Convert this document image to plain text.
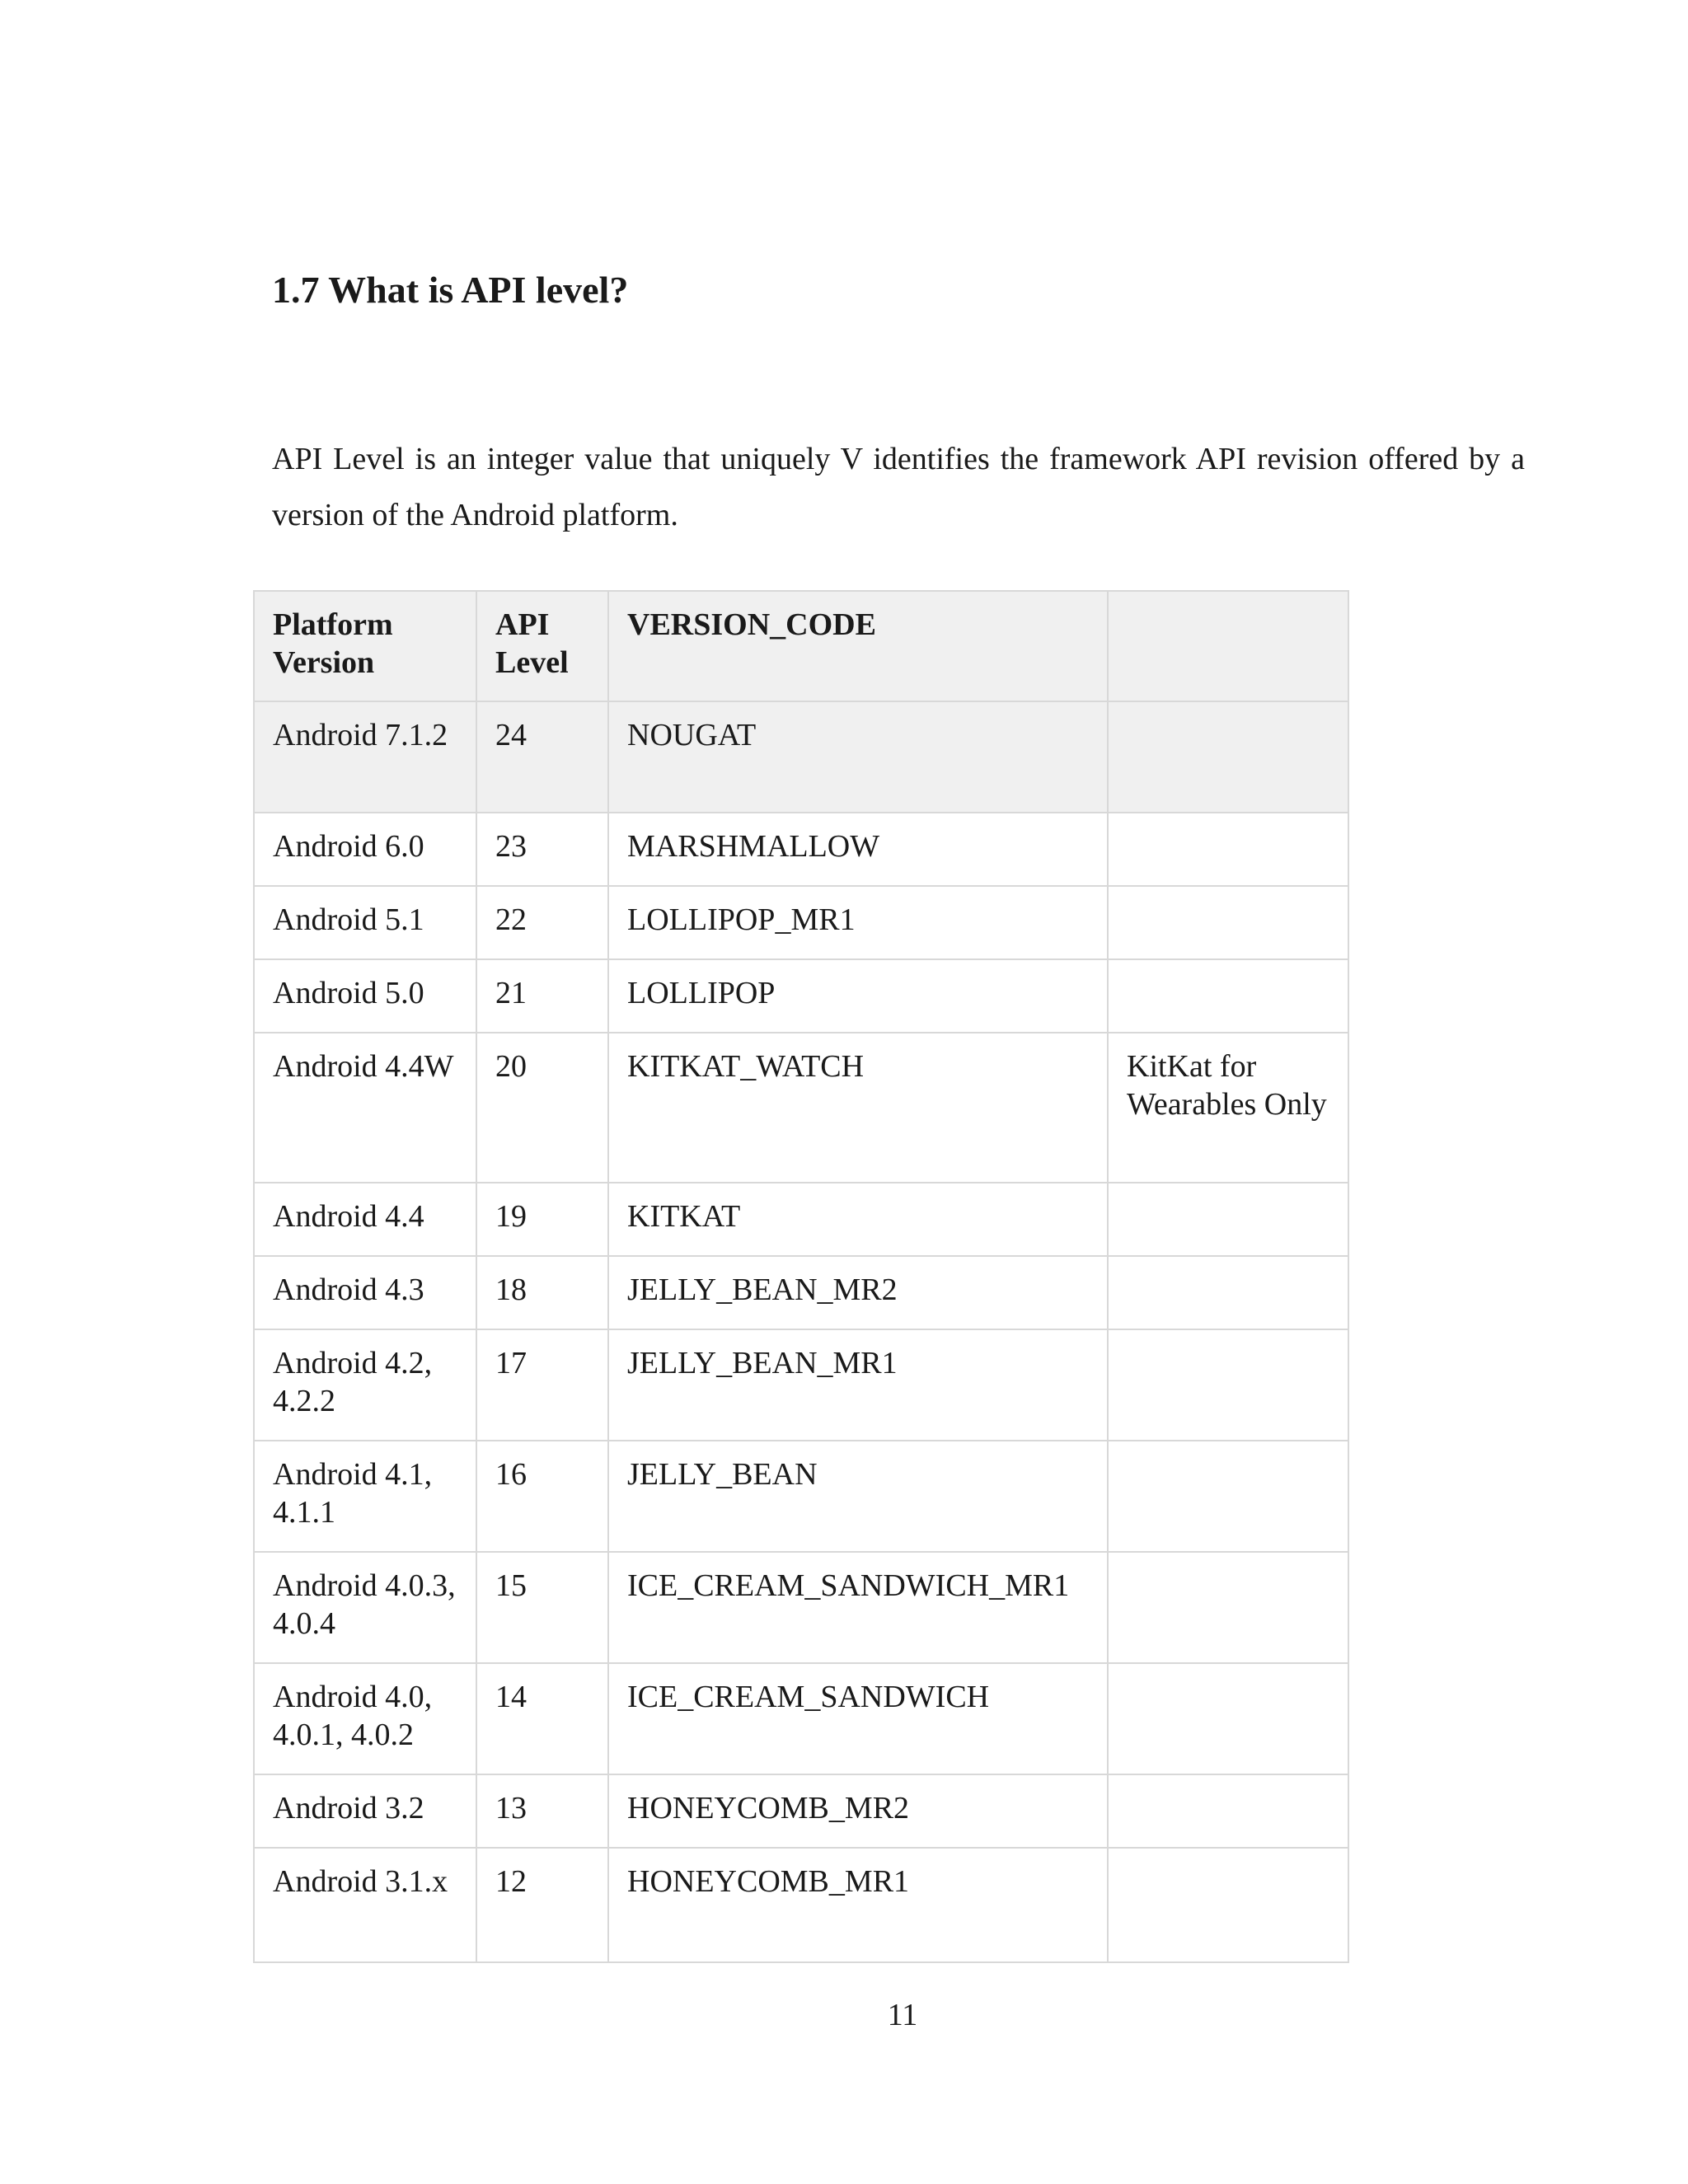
1.7 What is API level?

API Level is an integer value that uniquely V identifies the framework API revision offered by a version of the Android platform.

Platform Version	API Level	VERSION_CODE	
Android 7.1.2	24	NOUGAT	
Android 6.0	23	MARSHMALLOW	
Android 5.1	22	LOLLIPOP_MR1	
Android 5.0	21	LOLLIPOP	
Android 4.4W	20	KITKAT_WATCH	KitKat for Wearables Only
Android 4.4	19	KITKAT	
Android 4.3	18	JELLY_BEAN_MR2	
Android 4.2, 4.2.2	17	JELLY_BEAN_MR1	
Android 4.1, 4.1.1	16	JELLY_BEAN	
Android 4.0.3, 4.0.4	15	ICE_CREAM_SANDWICH_MR1	
Android 4.0, 4.0.1, 4.0.2	14	ICE_CREAM_SANDWICH	
Android 3.2	13	HONEYCOMB_MR2	
Android 3.1.x	12	HONEYCOMB_MR1	

11
